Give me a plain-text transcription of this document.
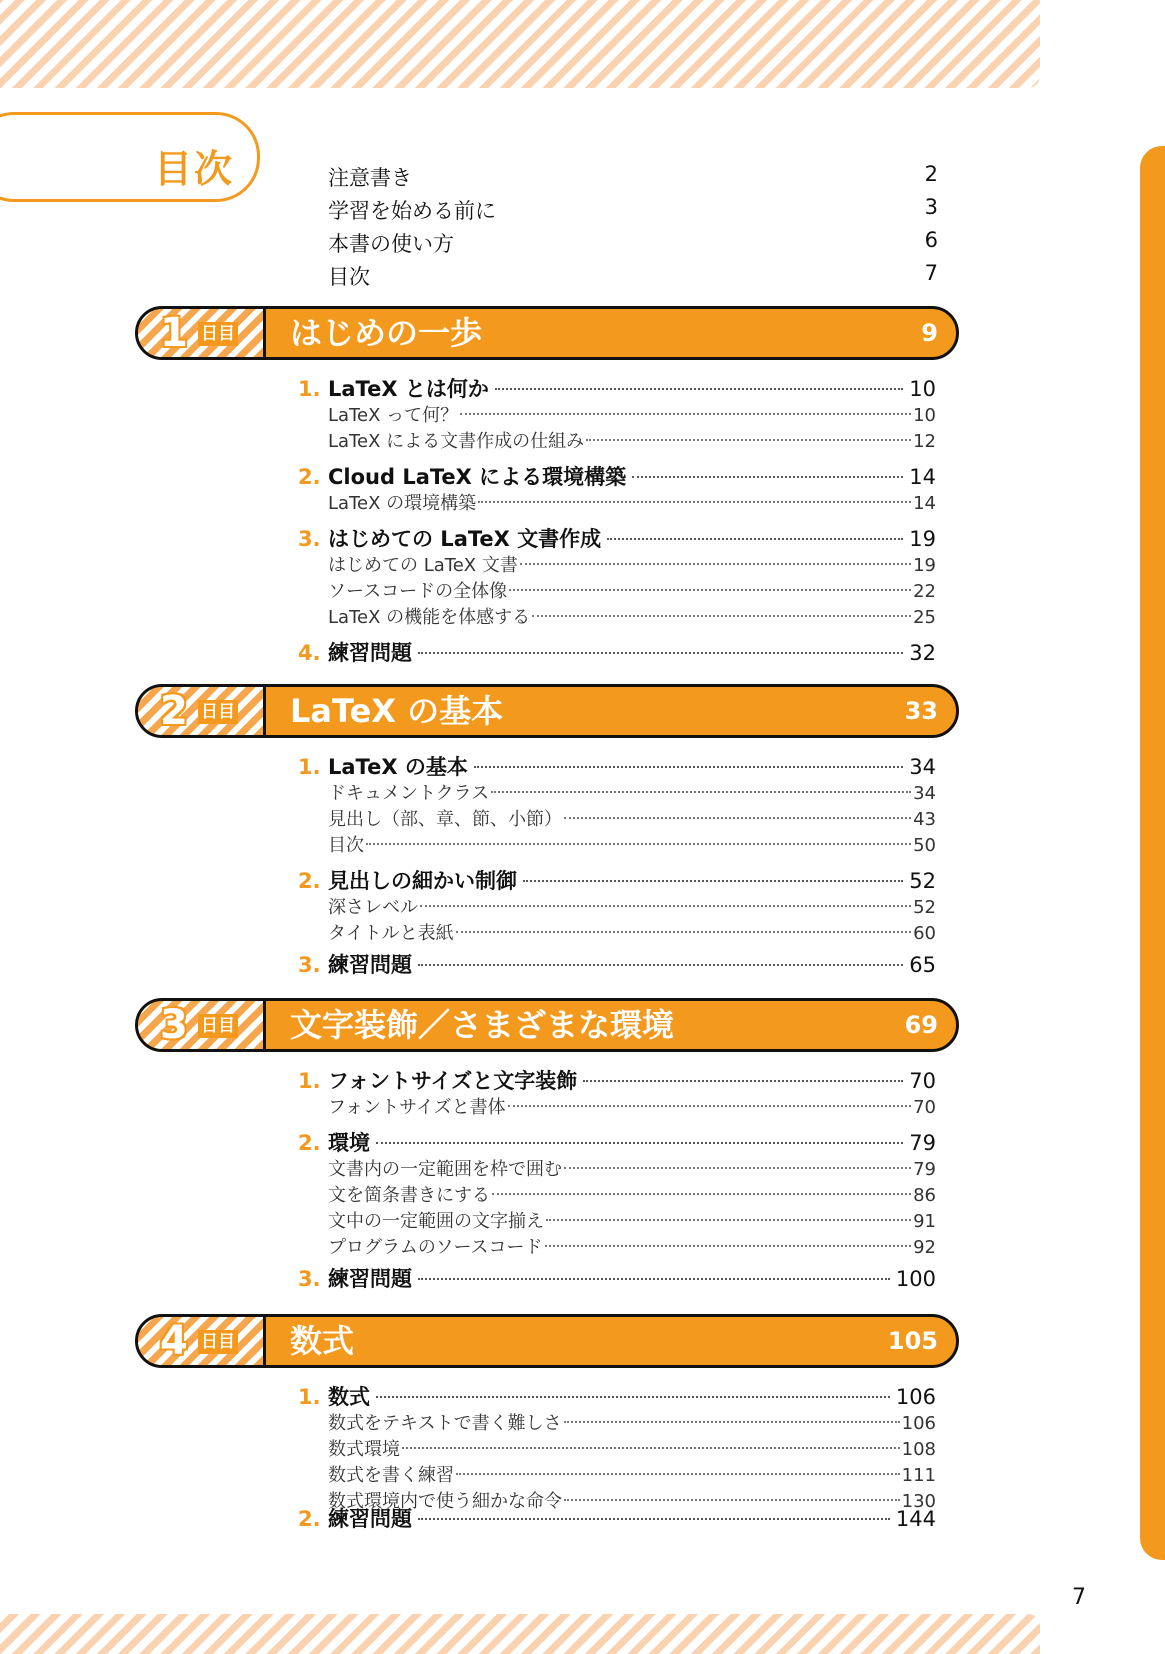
目次	注意書き	2
学習を始める前に	3
本書の使い方	6
目次	7
1 日目 はじめの一歩	9
1. LaTeX とは何か	10
LaTeX って何？	10
LaTeX による文書作成の仕組み	12
2. Cloud LaTeX による環境構築	14
LaTeX の環境構築	14
3. はじめての LaTeX 文書作成	19
はじめての LaTeX 文書	19
ソースコードの全体像	22
LaTeX の機能を体感する	25
4. 練習問題	32
2 日目 LaTeX の基本	33
1. LaTeX の基本	34
ドキュメントクラス	34
見出し（部、章、節、小節）	43
目次	50
2. 見出しの細かい制御	52
深さレベル	52
タイトルと表紙	60
3. 練習問題	65
3 日目 文字装飾／さまざまな環境	69
1. フォントサイズと文字装飾	70
フォントサイズと書体	70
2. 環境	79
文書内の一定範囲を枠で囲む	79
文を箇条書きにする	86
文中の一定範囲の文字揃え	91
プログラムのソースコード	92
3. 練習問題	100
4 日目 数式	105
1. 数式	106
数式をテキストで書く難しさ	106
数式環境	108
数式を書く練習	111
数式環境内で使う細かな命令	130
2. 練習問題	144
7
